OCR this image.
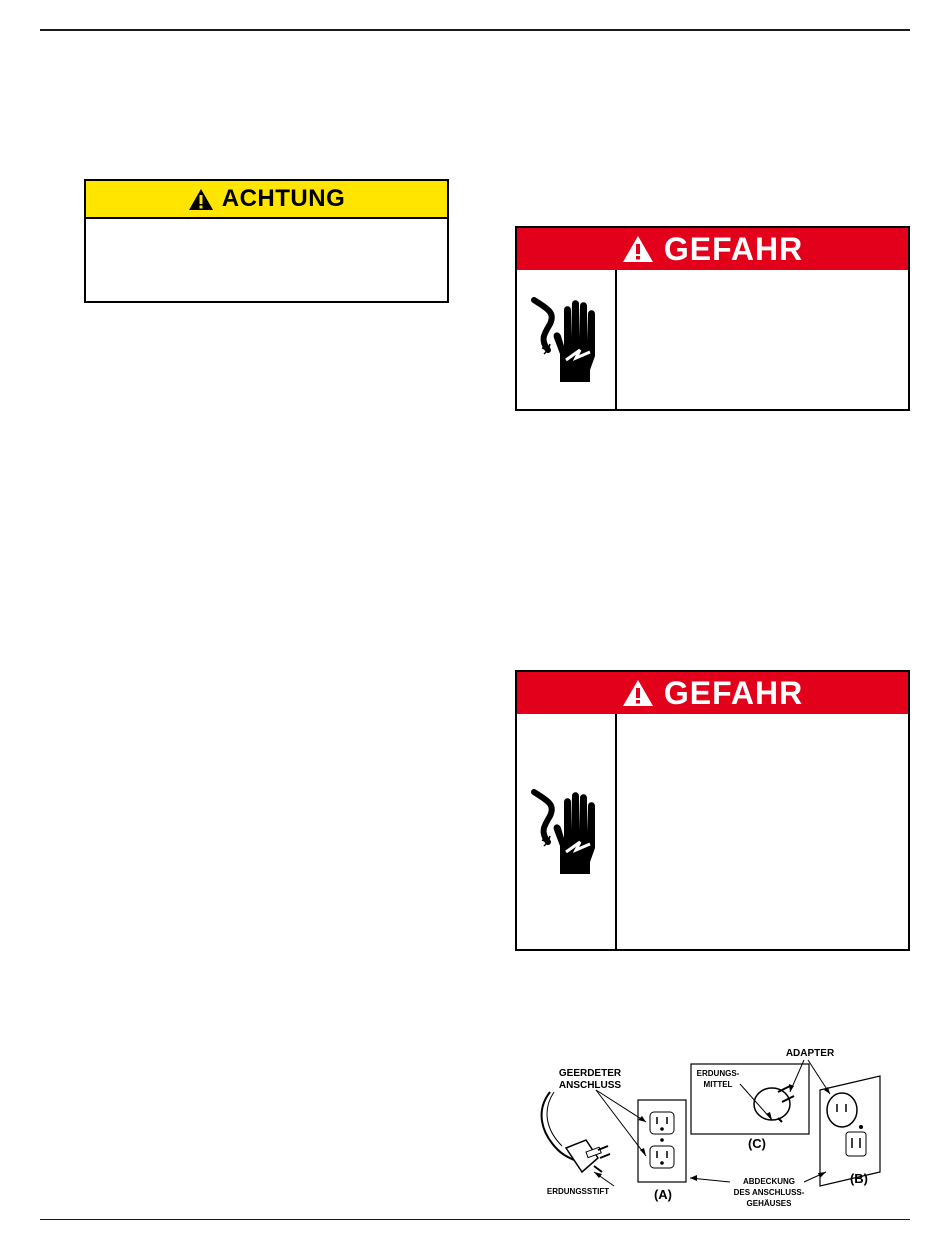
ACHTUNG
GEFAHR
GEFAHR
GEERDETER
ANSCHLUSS
ERDUNGSSTIFT	(A)
(C)
(B)
ADAPTER
ERDUNGS-
MITTEL
ABDECKUNG
DES ANSCHLUSS-
GEHÄUSES
